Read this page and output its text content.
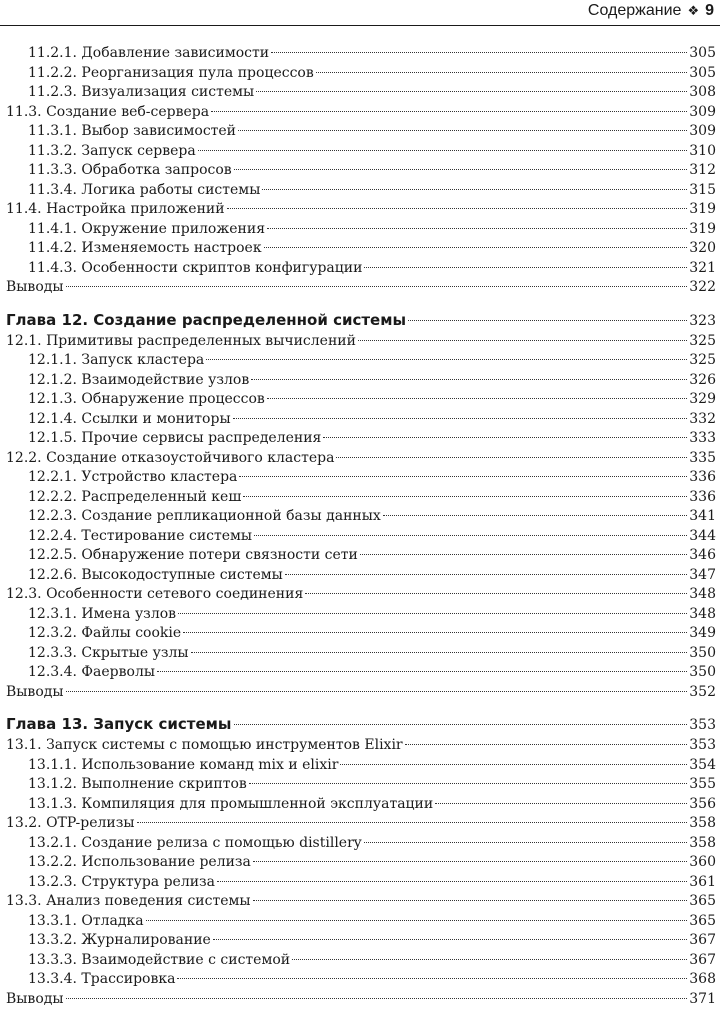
Содержание ❖ 9
11.2.1. Добавление зависимости	305
11.2.2. Реорганизация пула процессов	305
11.2.3. Визуализация системы	308
11.3. Создание веб-сервера	309
11.3.1. Выбор зависимостей	309
11.3.2. Запуск сервера	310
11.3.3. Обработка запросов	312
11.3.4. Логика работы системы	315
11.4. Настройка приложений	319
11.4.1. Окружение приложения	319
11.4.2. Изменяемость настроек	320
11.4.3. Особенности скриптов конфигурации	321
Выводы	322
Глава 12. Создание распределенной системы	323
12.1. Примитивы распределенных вычислений	325
12.1.1. Запуск кластера	325
12.1.2. Взаимодействие узлов	326
12.1.3. Обнаружение процессов	329
12.1.4. Ссылки и мониторы	332
12.1.5. Прочие сервисы распределения	333
12.2. Создание отказоустойчивого кластера	335
12.2.1. Устройство кластера	336
12.2.2. Распределенный кеш	336
12.2.3. Создание репликационной базы данных	341
12.2.4. Тестирование системы	344
12.2.5. Обнаружение потери связности сети	346
12.2.6. Высокодоступные системы	347
12.3. Особенности сетевого соединения	348
12.3.1. Имена узлов	348
12.3.2. Файлы cookie	349
12.3.3. Скрытые узлы	350
12.3.4. Фаерволы	350
Выводы	352
Глава 13. Запуск системы	353
13.1. Запуск системы с помощью инструментов Elixir	353
13.1.1. Использование команд mix и elixir	354
13.1.2. Выполнение скриптов	355
13.1.3. Компиляция для промышленной эксплуатации	356
13.2. OTP-релизы	358
13.2.1. Создание релиза с помощью distillery	358
13.2.2. Использование релиза	360
13.2.3. Структура релиза	361
13.3. Анализ поведения системы	365
13.3.1. Отладка	365
13.3.2. Журналирование	367
13.3.3. Взаимодействие с системой	367
13.3.4. Трассировка	368
Выводы	371
